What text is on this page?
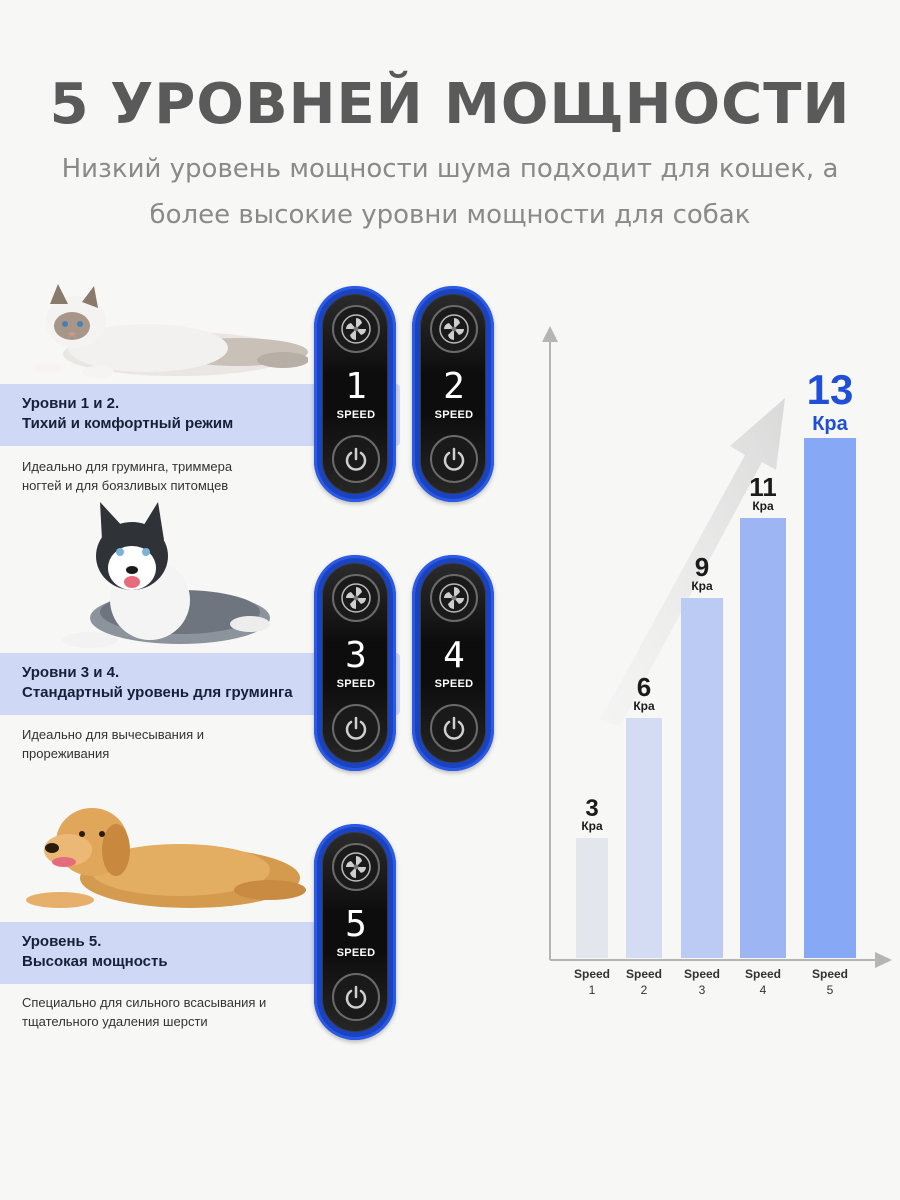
5 УРОВНЕЙ МОЩНОСТИ
Низкий уровень мощности шума подходит для кошек, а
более высокие уровни мощности для собак
Уровни 1 и 2.
Тихий и комфортный режим
Идеально для груминга, триммера
ногтей и для боязливых питомцев
Уровни 3 и 4.
Стандартный уровень для груминга
Идеально для вычесывания и
прореживания
Уровень 5.
Высокая мощность
Специально для сильного всасывания и
тщательного удаления шерсти
1
SPEED
2
SPEED
3
SPEED
4
SPEED
5
SPEED
Кра
3
Speed
1
Кра
6
Speed
2
Кра
9
Speed
3
Кра
11
Speed
4
Кра
13
Speed
5
